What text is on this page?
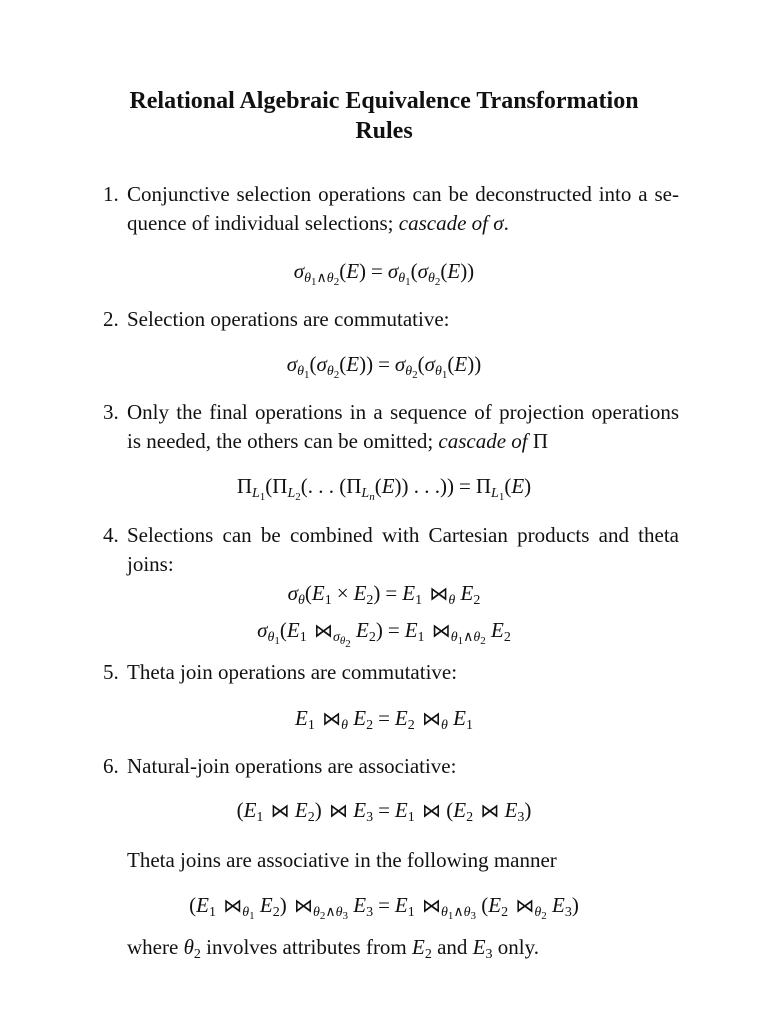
Relational Algebraic Equivalence Transformation
Rules
1. Conjunctive selection operations can be deconstructed into a se-
quence of individual selections; cascade of σ.
$\sigma_{\theta_1\wedge\theta_2}(E) = \sigma_{\theta_1}(\sigma_{\theta_2}(E))$
2. Selection operations are commutative:
$\sigma_{\theta_1}(\sigma_{\theta_2}(E)) = \sigma_{\theta_2}(\sigma_{\theta_1}(E))$
3. Only the final operations in a sequence of projection operations
is needed, the others can be omitted; cascade of Π
$\Pi_{L_1}(\Pi_{L_2}$(. . . $(\Pi_{L_n}(E))$ . . .)) = $\Pi_{L_1}(E)$
4. Selections can be combined with Cartesian products and theta
joins:
$\sigma_\theta(E_1 \times E_2) = E_1$ ⋈ $_\theta$ $E_2$
$\sigma_{\theta_1}(E_1$ ⋈ $_{\sigma_{\theta_2}}$ $E_2) = E_1$ ⋈ $_{\theta_1\wedge\theta_2}$ $E_2$
5. Theta join operations are commutative:
$E_1$ ⋈ $_\theta$ $E_2 = E_2$ ⋈ $_\theta$ $E_1$
6. Natural-join operations are associative:
($E_1$ ⋈ $E_2$) ⋈ $E_3 = E_1$ ⋈ ($E_2$ ⋈ $E_3$)
Theta joins are associative in the following manner
($E_1$ ⋈ $_{\theta_1}$ $E_2$) ⋈ $_{\theta_2\wedge\theta_3}$ $E_3 = E_1$ ⋈ $_{\theta_1\wedge\theta_3}$ ($E_2$ ⋈ $_{\theta_2}$ $E_3$)
where $\theta_2$ involves attributes from $E_2$ and $E_3$ only.
